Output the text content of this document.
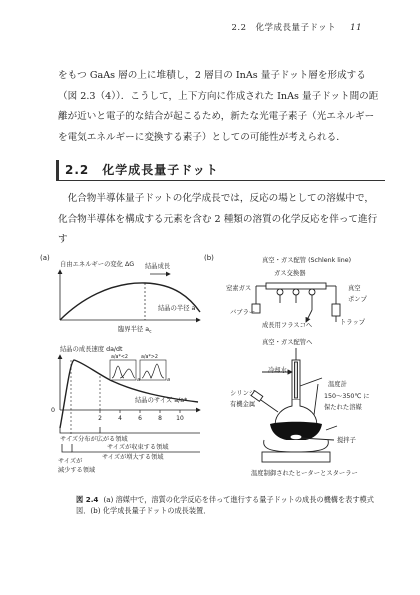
2.2　化学成長量子ドット 11

をもつ GaAs 層の上に堆積し，2 層目の InAs 量子ドット層を形成する（図 2.3（4））．こうして，上下方向に作成された InAs 量子ドット間の距離が近いと電子的な結合が起こるため，新たな光電子素子（光エネルギーを電気エネルギーに変換する素子）としての可能性が考えられる．

2.2　化学成長量子ドット

化合物半導体量子ドットの化学成長では，反応の場としての溶媒中で，化合物半導体を構成する元素を含む 2 種類の溶質の化学反応を伴って進行す

(a)
自由エネルギーの変化 ΔG 結晶成長
結晶の半径 a
臨界半径 $a_c$
結晶の成長速度 da/dt
a/a*<2	a/a*>2
a	a
結晶のサイズ a/a*
0
2	4	6	8 10
サイズ分布が広がる領域
サイズが収束する領域
サイズが増大する領域
サイズが
減少する領域
(b)	真空・ガス配管 (Schlenk line)
ガス交換器
窒素ガス	真空
ポンプ
バブラー
成長用フラスコへ	トラップ
真空・ガス配管へ
冷却水
温度計
150〜350℃ に
保たれた溶媒
シリンジ
有機金属
撹拌子
温度制御されたヒーターとスターラー

図 2.4 (a) 溶媒中で，溶質の化学反応を伴って進行する量子ドットの成長の機構を表す模式図．(b) 化学成長量子ドットの成長装置．
